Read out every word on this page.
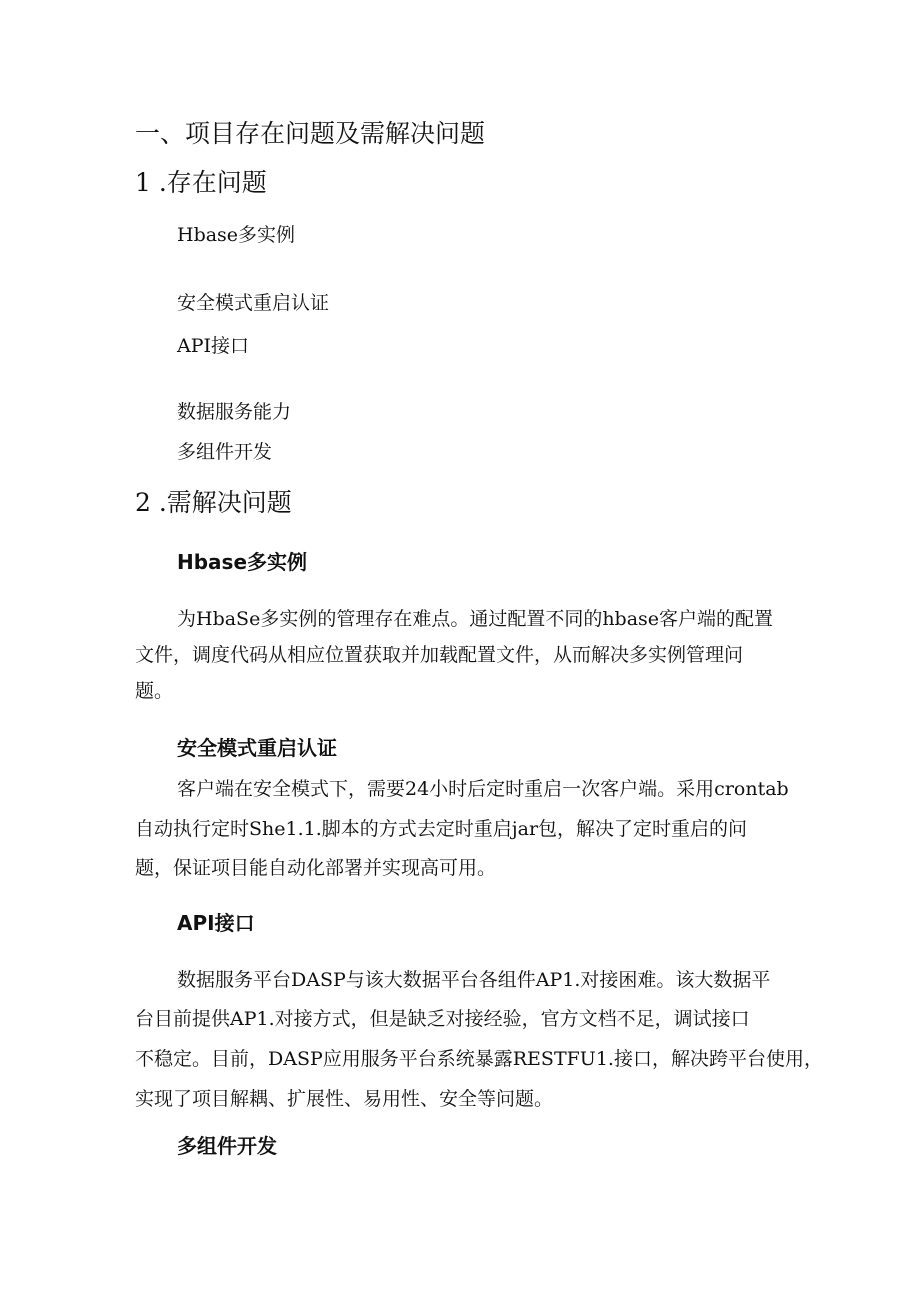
一、项目存在问题及需解决问题
1 .存在问题
Hbase多实例
安全模式重启认证
API接口
数据服务能力
多组件开发
2 .需解决问题
Hbase多实例
为HbaSe多实例的管理存在难点。通过配置不同的hbase客户端的配置
文件，调度代码从相应位置获取并加载配置文件，从而解决多实例管理问
题。
安全模式重启认证
客户端在安全模式下，需要24小时后定时重启一次客户端。采用crontab
自动执行定时She1.1.脚本的方式去定时重启jar包，解决了定时重启的问
题，保证项目能自动化部署并实现高可用。
API接口
数据服务平台DASP与该大数据平台各组件AP1.对接困难。该大数据平
台目前提供AP1.对接方式，但是缺乏对接经验，官方文档不足，调试接口
不稳定。目前，DASP应用服务平台系统暴露RESTFU1.接口，解决跨平台使用，
实现了项目解耦、扩展性、易用性、安全等问题。
多组件开发
